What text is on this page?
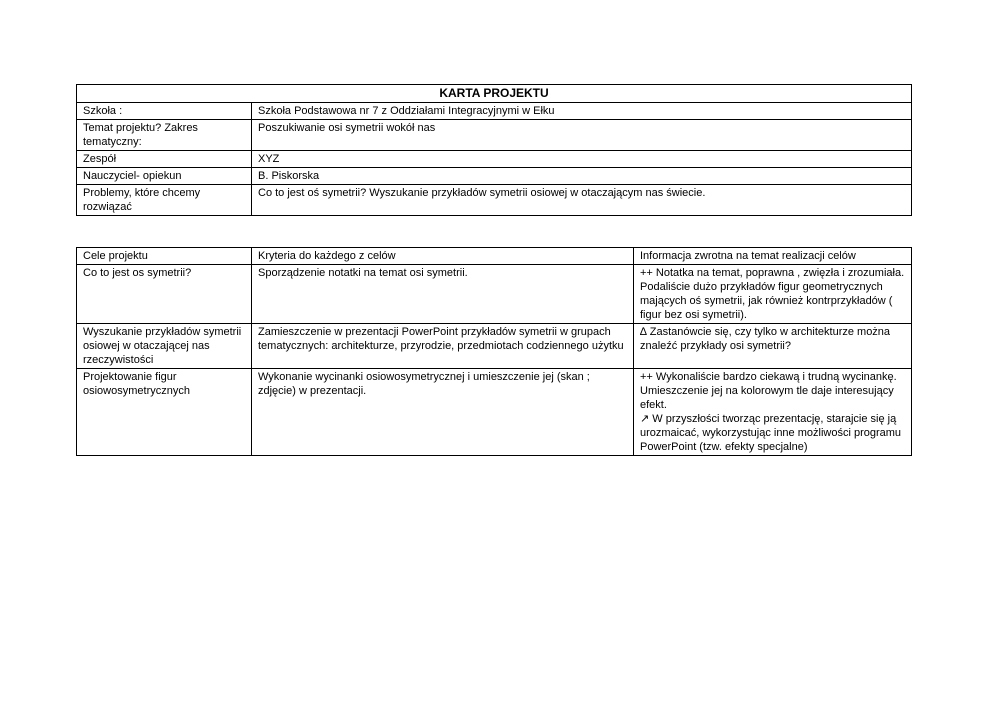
KARTA PROJEKTU	
Szkoła :	Szkoła Podstawowa nr 7 z Oddziałami Integracyjnymi w Ełku
Temat projektu? Zakres tematyczny:	Poszukiwanie osi symetrii wokół nas
Zespół	XYZ
Nauczyciel- opiekun	B. Piskorska
Problemy, które chcemy rozwiązać	Co to jest oś symetrii? Wyszukanie przykładów symetrii osiowej w otaczającym nas świecie.
Cele projektu	Kryteria do każdego z celów	Informacja zwrotna na temat realizacji celów
Co to jest os symetrii?	Sporządzenie notatki na temat osi symetrii.	++ Notatka na temat, poprawna , zwięzła i zrozumiała. Podaliście dużo przykładów figur geometrycznych mających oś symetrii, jak również kontrprzykładów ( figur bez osi symetrii).

Wyszukanie przykładów symetrii osiowej w otaczającej nas rzeczywistości	Zamieszczenie w prezentacji PowerPoint przykładów symetrii w grupach tematycznych: architekturze, przyrodzie, przedmiotach codziennego użytku	∆ Zastanówcie się, czy tylko w architekturze można znaleźć przykłady osi symetrii?

Projektowanie figur osiowosymetrycznych	Wykonanie wycinanki osiowosymetrycznej i umieszczenie jej (skan ; zdjęcie) w prezentacji.	++ Wykonaliście bardzo ciekawą i trudną wycinankę. Umieszczenie jej na kolorowym tle daje interesujący efekt.
↗ W przyszłości tworząc prezentację, starajcie się ją urozmaicać, wykorzystując inne możliwości programu PowerPoint (tzw. efekty specjalne)
